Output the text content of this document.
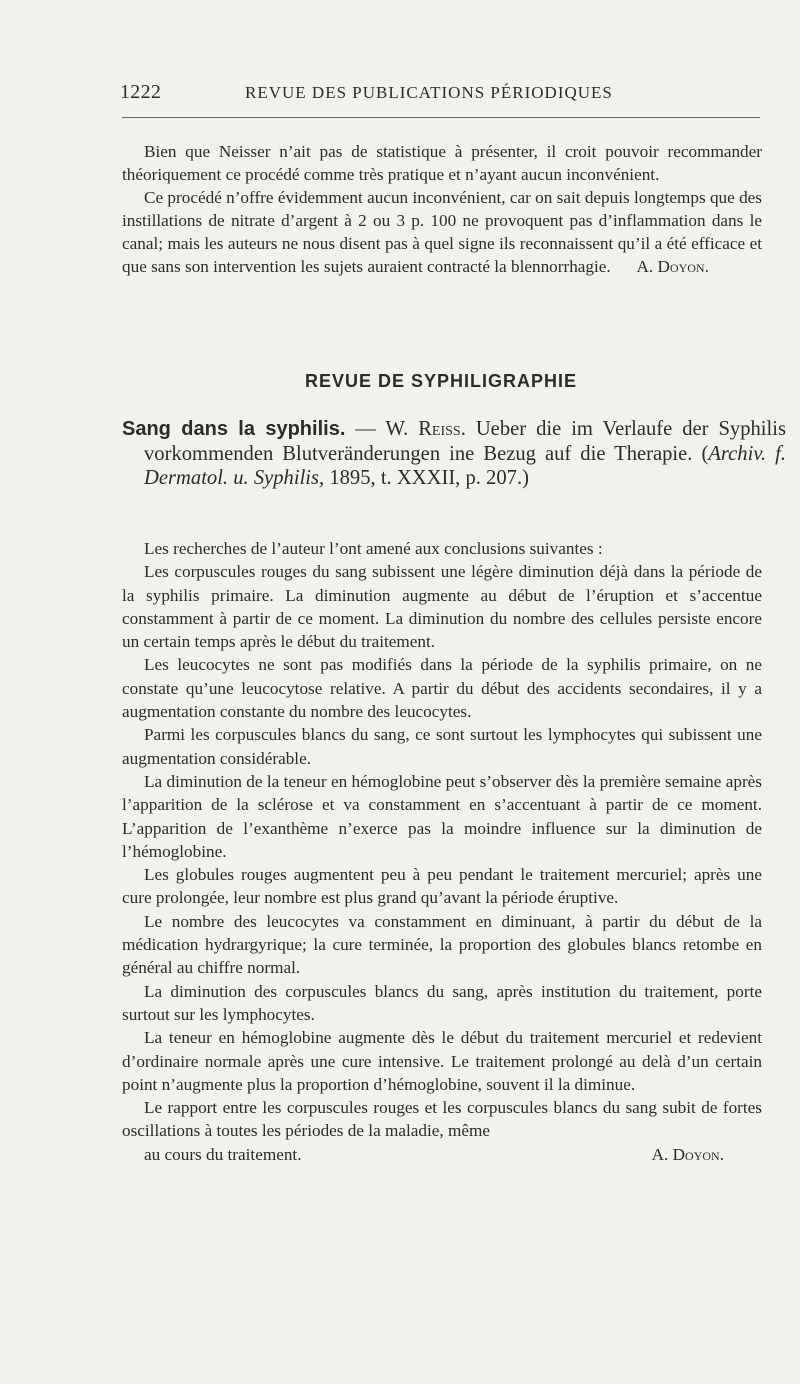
1222	REVUE DES PUBLICATIONS PÉRIODIQUES

Bien que Neisser n’ait pas de statistique à présenter, il croit pouvoir recommander théoriquement ce procédé comme très pratique et n’ayant aucun inconvénient.

Ce procédé n’offre évidemment aucun inconvénient, car on sait depuis longtemps que des instillations de nitrate d’argent à 2 ou 3 p. 100 ne provoquent pas d’inflammation dans le canal; mais les auteurs ne nous disent pas à quel signe ils reconnaissent qu’il a été efficace et que sans son intervention les sujets auraient contracté la blennorrhagie. A. Doyon.

REVUE DE SYPHILIGRAPHIE
Sang dans la syphilis. — W. Reiss. Ueber die im Verlaufe der Syphilis vorkommenden Blutveränderungen ine Bezug auf die Therapie. (Archiv. f. Dermatol. u. Syphilis, 1895, t. XXXII, p. 207.)

Les recherches de l’auteur l’ont amené aux conclusions suivantes :

Les corpuscules rouges du sang subissent une légère diminution déjà dans la période de la syphilis primaire. La diminution augmente au début de l’éruption et s’accentue constamment à partir de ce moment. La diminution du nombre des cellules persiste encore un certain temps après le début du traitement.

Les leucocytes ne sont pas modifiés dans la période de la syphilis primaire, on ne constate qu’une leucocytose relative. A partir du début des accidents secondaires, il y a augmentation constante du nombre des leucocytes.

Parmi les corpuscules blancs du sang, ce sont surtout les lymphocytes qui subissent une augmentation considérable.

La diminution de la teneur en hémoglobine peut s’observer dès la première semaine après l’apparition de la sclérose et va constamment en s’accentuant à partir de ce moment. L’apparition de l’exanthème n’exerce pas la moindre influence sur la diminution de l’hémoglobine.

Les globules rouges augmentent peu à peu pendant le traitement mercuriel; après une cure prolongée, leur nombre est plus grand qu’avant la période éruptive.

Le nombre des leucocytes va constamment en diminuant, à partir du début de la médication hydrargyrique; la cure terminée, la proportion des globules blancs retombe en général au chiffre normal.

La diminution des corpuscules blancs du sang, après institution du traitement, porte surtout sur les lymphocytes.

La teneur en hémoglobine augmente dès le début du traitement mercuriel et redevient d’ordinaire normale après une cure intensive. Le traitement prolongé au delà d’un certain point n’augmente plus la proportion d’hémoglobine, souvent il la diminue.

Le rapport entre les corpuscules rouges et les corpuscules blancs du sang subit de fortes oscillations à toutes les périodes de la maladie, même

au cours du traitement.	A. Doyon.
